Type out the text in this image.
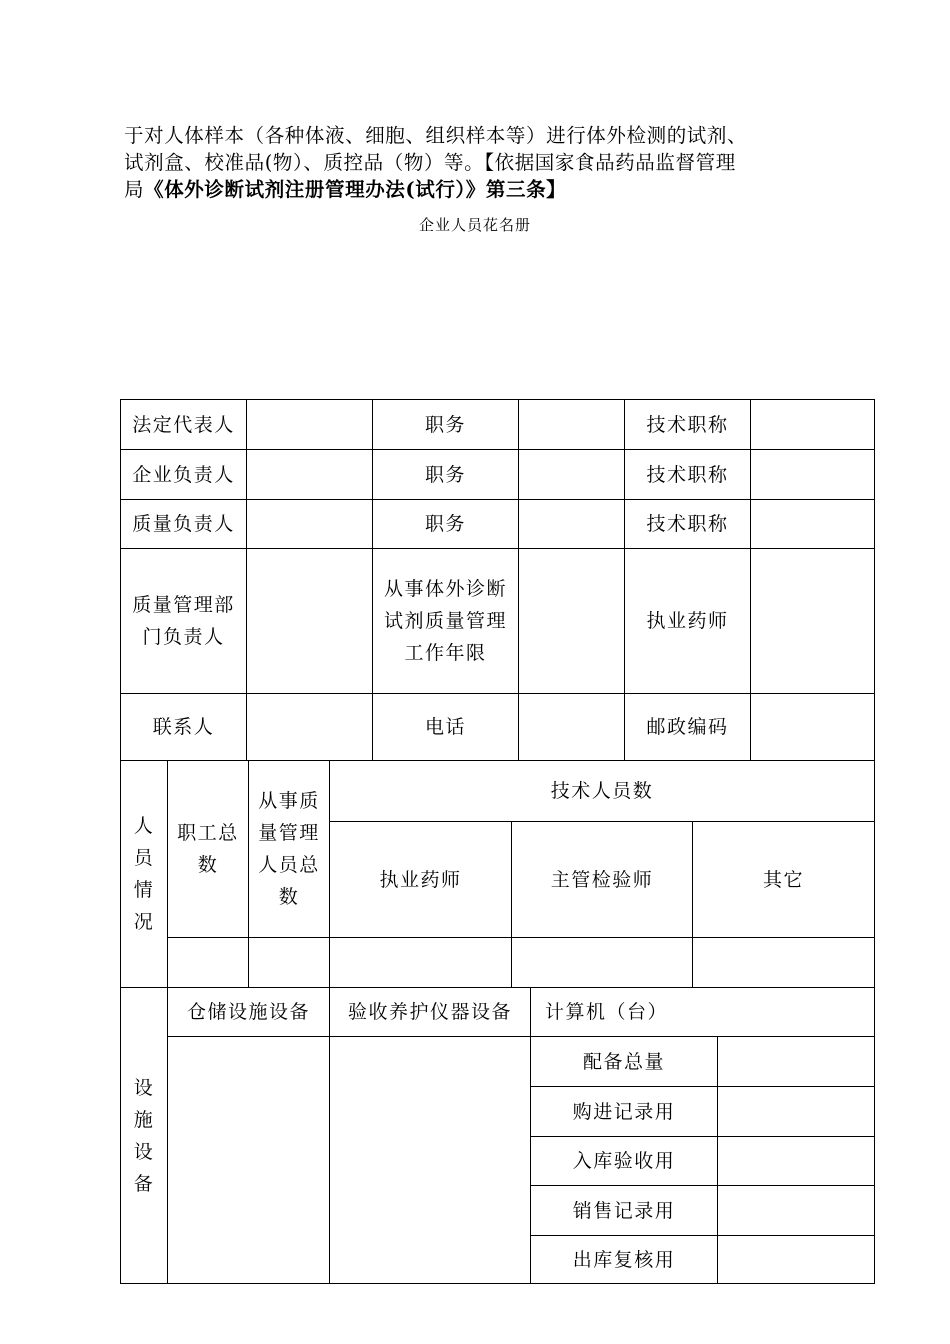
于对人体样本（各种体液、细胞、组织样本等）进行体外检测的试剂、
试剂盒、校准品(物）、质控品（物）等。【依据国家食品药品监督管理
局《体外诊断试剂注册管理办法(试行）》第三条】
企业人员花名册
法定代表人		职务		技术职称	
企业负责人		职务		技术职称	
质量负责人		职务		技术职称	
质量管理部门负责人		从事体外诊断试剂质量管理工作年限		执业药师	
联系人		电话		邮政编码	
人
员
情
况	职工总数	从事质量管理人员总数	技术人员数		
			执业药师	主管检验师	其它

设
施
设
备	仓储设施设备	验收养护仪器设备	计算机（台）	
			配备总量	
			购进记录用	
			入库验收用	
			销售记录用	
			出库复核用	
